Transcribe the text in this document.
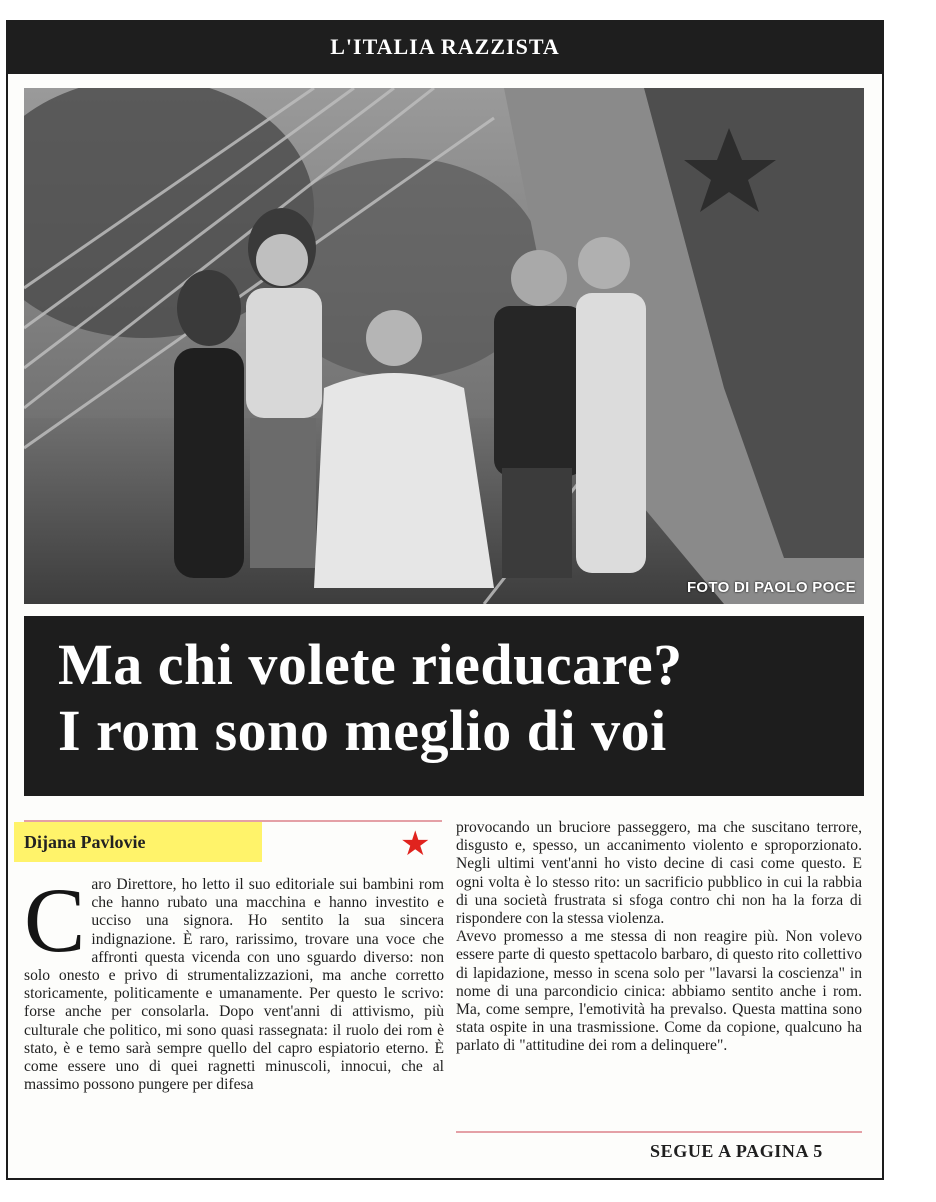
L'ITALIA RAZZISTA
FOTO DI PAOLO POCE
Ma chi volete rieducare?
I rom sono meglio di voi
Dijana Pavlovie	★
C aro Direttore, ho letto il suo editoriale sui bambini rom che hanno rubato una macchina e hanno investito e ucciso una signora. Ho sentito la sua sincera indignazione. È raro, rarissimo, trovare una voce che affronti questa vicenda con uno sguardo diverso: non solo onesto e privo di strumentalizzazioni, ma anche corretto storicamente, politicamente e umanamente. Per questo le scrivo: forse anche per consolarla. Dopo vent'anni di attivismo, più culturale che politico, mi sono quasi rassegnata: il ruolo dei rom è stato, è e temo sarà sempre quello del capro espiatorio eterno. È come essere uno di quei ragnetti minuscoli, innocui, che al massimo possono pungere per difesa

provocando un bruciore passeggero, ma che suscitano terrore, disgusto e, spesso, un accanimento violento e sproporzionato. Negli ultimi vent'anni ho visto decine di casi come questo. E ogni volta è lo stesso rito: un sacrificio pubblico in cui la rabbia di una società frustrata si sfoga contro chi non ha la forza di rispondere con la stessa violenza.

Avevo promesso a me stessa di non reagire più. Non volevo essere parte di questo spettacolo barbaro, di questo rito collettivo di lapidazione, messo in scena solo per "lavarsi la coscienza" in nome di una parcondicio cinica: abbiamo sentito anche i rom. Ma, come sempre, l'emotività ha prevalso. Questa mattina sono stata ospite in una trasmissione. Come da copione, qualcuno ha parlato di "attitudine dei rom a delinquere".

SEGUE A PAGINA 5
